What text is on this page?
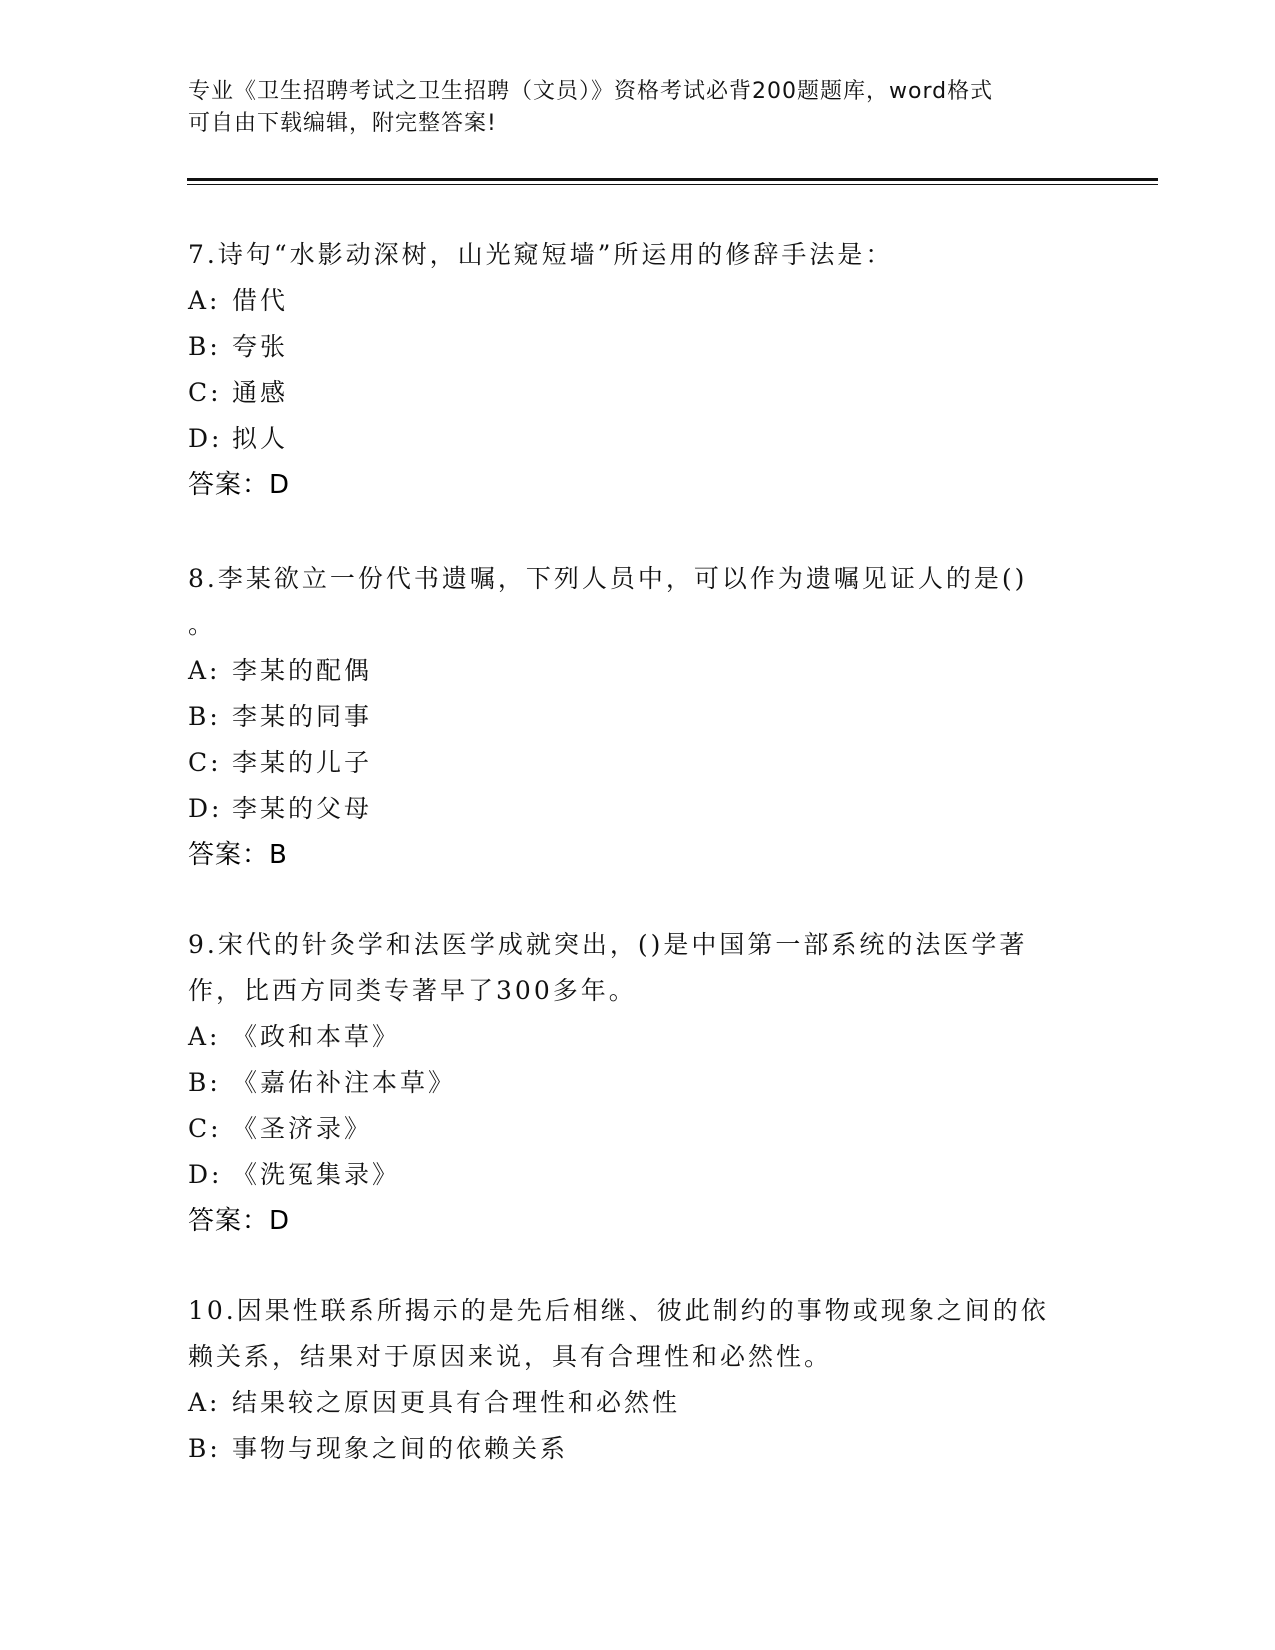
专业《卫生招聘考试之卫生招聘（文员）》资格考试必背200题题库，word格式
可自由下载编辑，附完整答案!
7.诗句“水影动深树，山光窥短墙”所运用的修辞手法是：
A: 借代
B: 夸张
C: 通感
D: 拟人
答案：D
8.李某欲立一份代书遗嘱，下列人员中，可以作为遗嘱见证人的是()
。
A: 李某的配偶
B: 李某的同事
C: 李某的儿子
D: 李某的父母
答案：B
9.宋代的针灸学和法医学成就突出，()是中国第一部系统的法医学著
作，比西方同类专著早了300多年。
A: 《政和本草》
B: 《嘉佑补注本草》
C: 《圣济录》
D: 《洗冤集录》
答案：D
10.因果性联系所揭示的是先后相继、彼此制约的事物或现象之间的依
赖关系，结果对于原因来说，具有合理性和必然性。
A: 结果较之原因更具有合理性和必然性
B: 事物与现象之间的依赖关系
